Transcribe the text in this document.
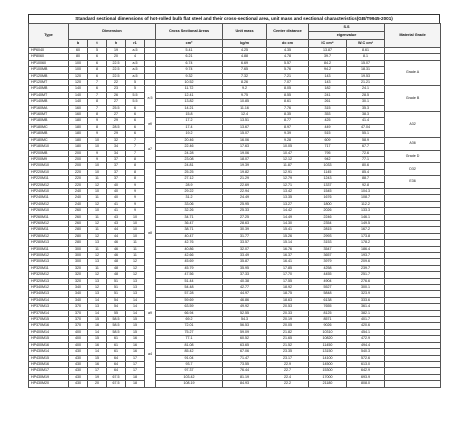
Standard sectional dimensions of hot-rolled bulb flat steel and their cross-sectional area, unit mass and sectional characteristics(GB/T9945-2001)
Type	Dimension					Cross Sectional Areas	Unit mass	Center distance	S.S		Material Grade
									eigenvalue		
	b	t	h	r1		cm²	kg/m	dc cm	IC cm⁴	W.C cm³	
HP6040	60	5	19	a.5		5.41	4.25	4.35	13.87	8.61	
HP8060	80	6	20	4		6.21	4.88	4.78	39.7	8.1	
HP10060	100	6	22.5	a.5		6.74	6.69	5.57	84.2	15.07	Grade A
HP100MB	100	8	22.5	a.5		9.74	7.65	5.76	94.2	18.31	
HP120MB	120	6	22.5	a.5		9.32	7.32	7.21	143	19.53	
HP120MT	120	7	22	5		10.52	8.26	7.07	143	21.21	
HP140MB	140	6	23	5	a.5	11.72	9.2	8.05	182	24.1	Grade B
HP140MT	140	7	26	5.5		12.41	9.75	8.55	241	28.5	
HP140MB	140	8	27	5.5		13.82	10.85	8.61	261	30.1	
HP160MA	160	7	25.5	6		14.21	11.16	7.76	315	35.3	
HP160MT	160	8	27	6	a6	15.8	12.4	8.35	353	38.3	A32
HP180MB	180	9	29	6		17.2	13.51	8.77	425	41.4	
HP180MC	180	8	28.5	6		17.4	13.67	8.97	449	47.04	
HP180MB	180	9	29	6		19.2	15.07	9.39	515	55.1	
HP180MC	180	10	32	7	a7	20.46	16.06	9.28	609	58.9	A36
HP180M10	180	10	34	7		22.46	17.63	10.05	717	67.7	
HP200MB	200	9	34	7		24.28	19.06	10.47	795	72.6	Grade D
HP200M9	200	9	37	8		23.08	18.07	12.12	942	77.1	
HP200M10	200	10	37	8	a8	24.81	19.39	11.87	1033	80.6	D32
HP220M10	220	10	37	8		25.25	19.82	12.91	1145	85.4	
HP220M11	220	11	37	8		27.12	21.29	12.79	1243	88.7	E36
HP220M12	220	12	40	9		28.9	22.69	12.71	1337	92.8	
HP240M10	240	10	40	9		29.22	22.94	13.42	1545	104.3	
HP240M11	240	11	40	9		31.2	24.49	13.35	1676	108.7	
HP240M12	240	12	41	9		33.06	25.95	13.27	1800	112.2	
HP260M10	260	10	41	9		32.26	25.33	14.42	2026	133.3	
HP260M11	260	11	43	10		34.71	27.25	14.49	2246	146.1	
HP260M12	260	12	43	10		36.47	28.63	14.30	2354	149.5	
HP280M11	280	11	44	10		38.71	30.39	15.41	2815	167.2	
HP280M12	280	12	44	10		40.47	31.77	15.26	2993	173.8	
HP280M13	280	13	46	11		42.76	33.57	15.14	3153	178.2	
HP300M11	300	11	46	11		40.86	32.07	16.76	3547	186.4	
HP300M12	300	12	46	11		42.66	33.49	16.37	3657	193.7	
HP300M13	300	13	48	12		45.69	35.87	16.41	3979	209.6	
HP320M11	320	11	48	12		45.79	35.95	17.85	4258	239.7	
HP320M12	320	12	48	12		47.56	37.33	17.70	4455	251.7	
HP320M13	320	13	51	13		51.44	40.38	17.55	4904	276.6	
HP340M12	340	12	51	13		54.48	42.77	18.92	5527	300.1	
HP340M13	340	13	51	13		57.28	44.97	18.75	5848	323.9	
HP340M14	340	14	54	14		59.69	46.86	18.63	6138	333.6	
HP370M13	370	13	54	14	a9	63.59	49.92	20.53	7655	361.4	
HP370M14	370	14	55	14		66.94	52.55	20.33	8125	382.1	
HP370M15	370	15	58.5	15		69.2	54.3	20.19	8571	401.7	
HP370M16	370	16	58.5	15	a4	72.01	56.53	20.05	9026	420.6	
HP400M14	400	14	58.5	15		75.27	59.09	21.82	10310	454.1	
HP400M15	400	15	61	16		77.1	60.52	21.65	10820	472.9	
HP400M16	400	16	61	16		81.08	63.65	21.52	11450	494.4	
HP430M14	430	14	61	16		85.42	67.06	23.35	13150	540.3	
HP430M15	430	15	64	17		91.04	71.47	23.17	14100	572.6	
HP430M16	430	16	64	17		93.7	73.55	22.9	14500	613.0	
HP430M17	430	17	64	17		97.37	76.44	22.7	15300	642.9	
HP430M19	430	19	67.5	18		103.42	81.19	22.4	17000	693.9	
HP430M20	430	20	67.5	18		108.19	84.93	22.2	21180	808.0	
